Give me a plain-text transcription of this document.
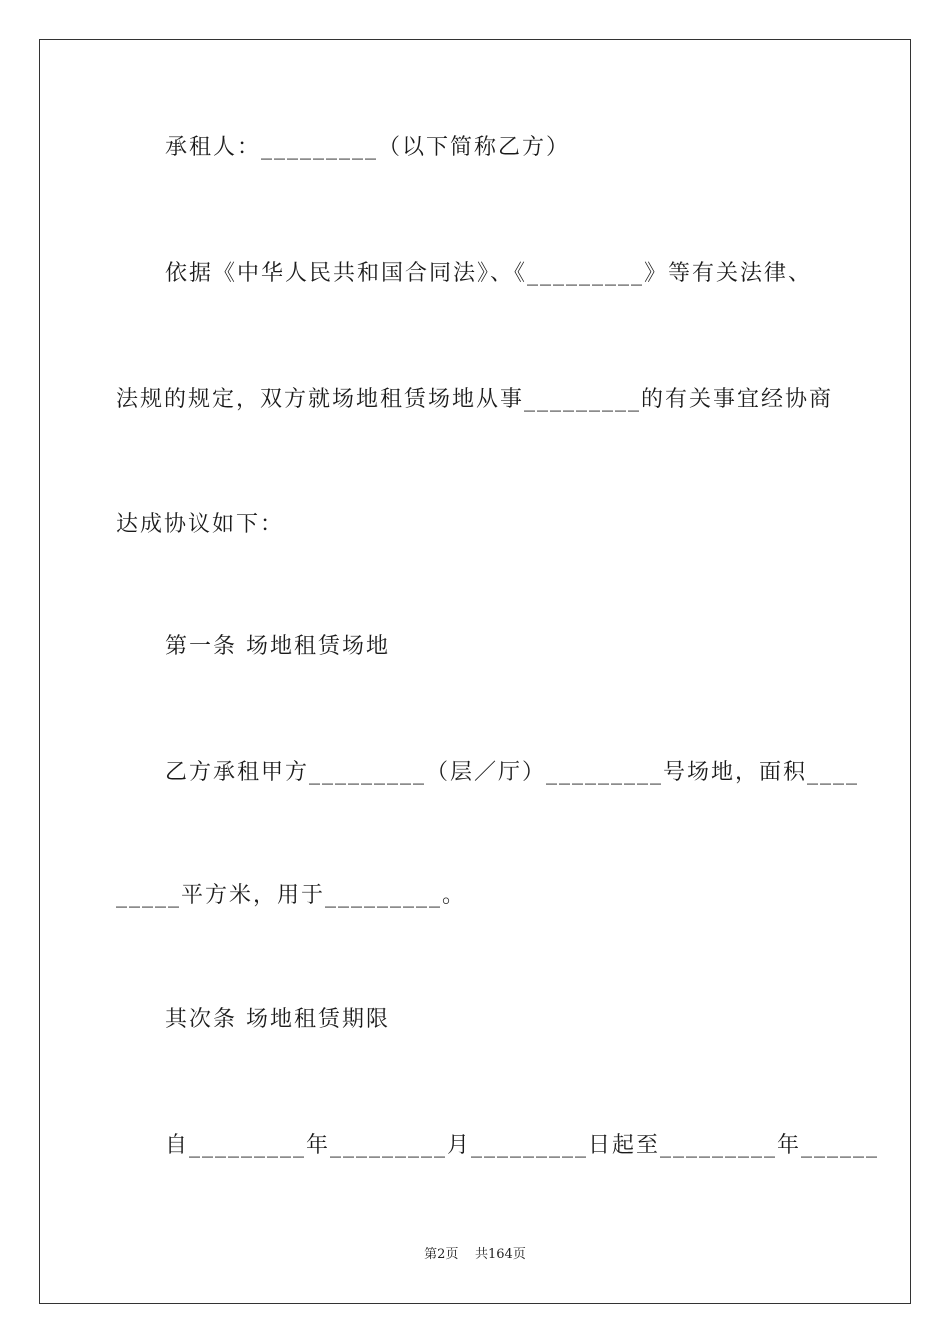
承租人：_________（以下简称乙方）
依据《中华人民共和国合同法》、《_________》等有关法律、
法规的规定，双方就场地租赁场地从事_________的有关事宜经协商
达成协议如下：
第一条 场地租赁场地
乙方承租甲方_________（层／厅）_________号场地，面积____
_____平方米，用于_________。
其次条 场地租赁期限
自_________年_________月_________日起至_________年______
第2页 共164页
